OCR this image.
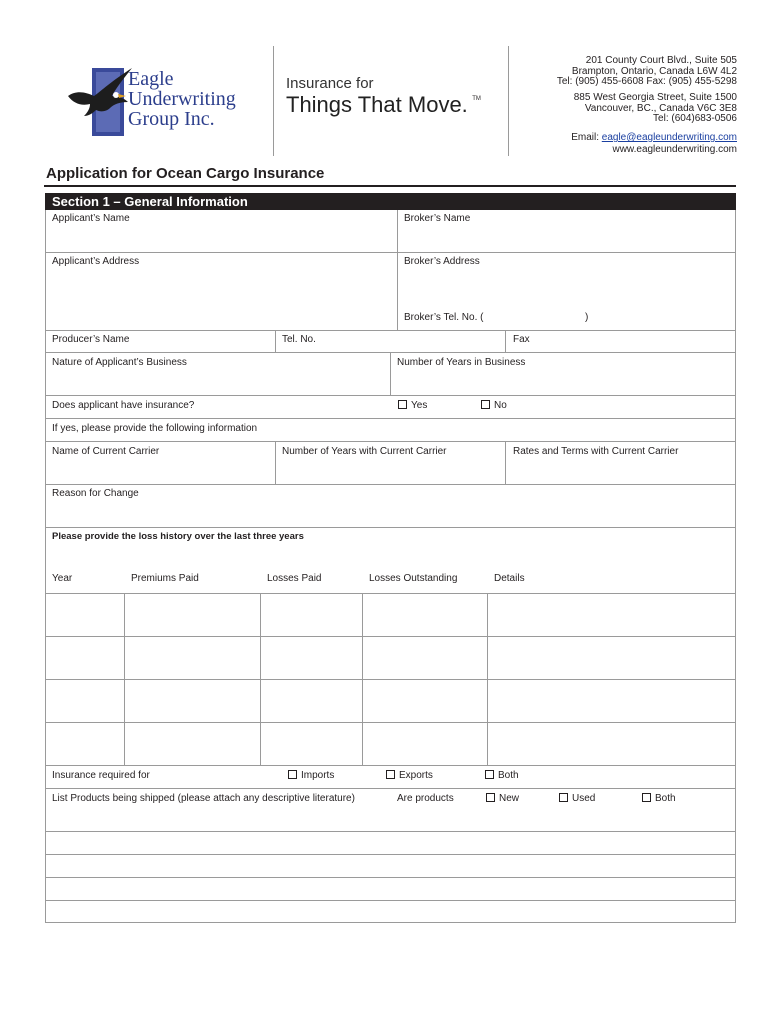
Eagle
Underwriting
Group Inc.
Insurance for
Things That Move. ™
201 County Court Blvd., Suite 505
Brampton, Ontario, Canada L6W 4L2
Tel: (905) 455-6608 Fax: (905) 455-5298
885 West Georgia Street, Suite 1500
Vancouver, BC., Canada V6C 3E8
Tel: (604)683-0506
Email: eagle@eagleunderwriting.com
www.eagleunderwriting.com
Application for Ocean Cargo Insurance
Section 1 – General Information
Applicant’s Name	Broker’s Name
Applicant’s Address	Broker’s Address
Broker’s Tel. No. (	)
Producer’s Name	Tel. No.	Fax
Nature of Applicant’s Business	Number of Years in Business
Does applicant have insurance?	Yes	No
If yes, please provide the following information
Name of Current Carrier	Number of Years with Current Carrier	Rates and Terms with Current Carrier
Reason for Change
Please provide the loss history over the last three years
Year	Premiums Paid	Losses Paid	Losses Outstanding	Details
Insurance required for	Imports	Exports	Both
List Products being shipped (please attach any descriptive literature)	Are products	New	Used	Both
